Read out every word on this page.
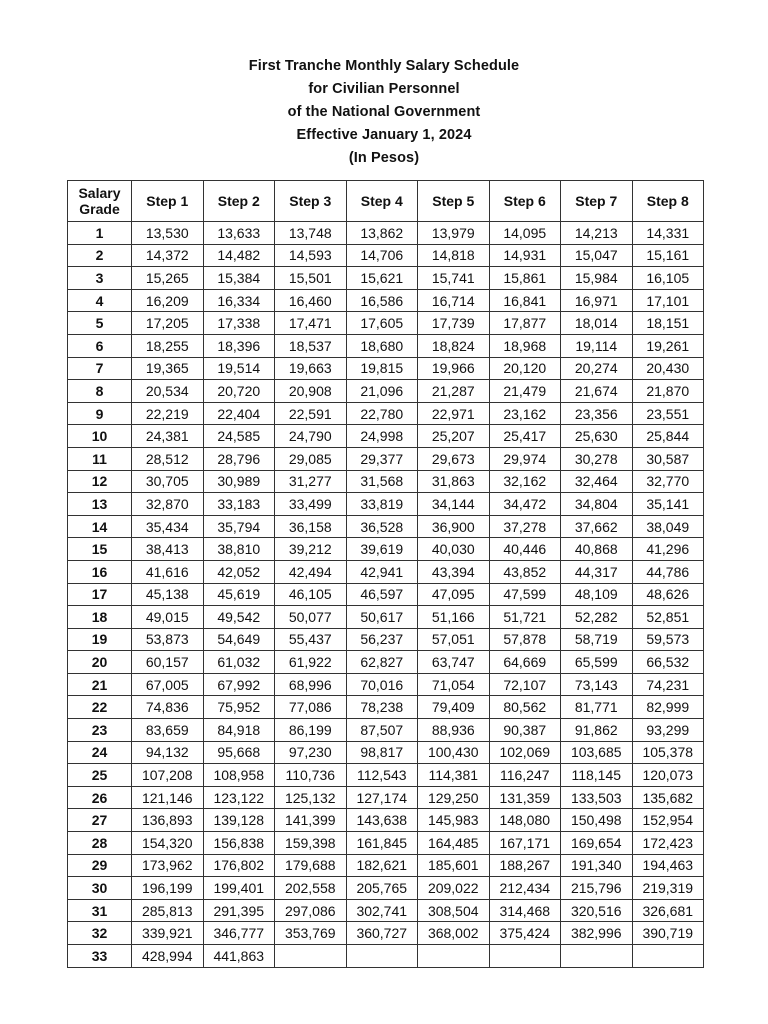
First Tranche Monthly Salary Schedule
for Civilian Personnel
of the National Government
Effective January 1, 2024
(In Pesos)
Salary
Grade	Step 1	Step 2	Step 3	Step 4	Step 5	Step 6	Step 7	Step 8
1	13,530	13,633	13,748	13,862	13,979	14,095	14,213	14,331
2	14,372	14,482	14,593	14,706	14,818	14,931	15,047	15,161
3	15,265	15,384	15,501	15,621	15,741	15,861	15,984	16,105
4	16,209	16,334	16,460	16,586	16,714	16,841	16,971	17,101
5	17,205	17,338	17,471	17,605	17,739	17,877	18,014	18,151
6	18,255	18,396	18,537	18,680	18,824	18,968	19,114	19,261
7	19,365	19,514	19,663	19,815	19,966	20,120	20,274	20,430
8	20,534	20,720	20,908	21,096	21,287	21,479	21,674	21,870
9	22,219	22,404	22,591	22,780	22,971	23,162	23,356	23,551
10	24,381	24,585	24,790	24,998	25,207	25,417	25,630	25,844
11	28,512	28,796	29,085	29,377	29,673	29,974	30,278	30,587
12	30,705	30,989	31,277	31,568	31,863	32,162	32,464	32,770
13	32,870	33,183	33,499	33,819	34,144	34,472	34,804	35,141
14	35,434	35,794	36,158	36,528	36,900	37,278	37,662	38,049
15	38,413	38,810	39,212	39,619	40,030	40,446	40,868	41,296
16	41,616	42,052	42,494	42,941	43,394	43,852	44,317	44,786
17	45,138	45,619	46,105	46,597	47,095	47,599	48,109	48,626
18	49,015	49,542	50,077	50,617	51,166	51,721	52,282	52,851
19	53,873	54,649	55,437	56,237	57,051	57,878	58,719	59,573
20	60,157	61,032	61,922	62,827	63,747	64,669	65,599	66,532
21	67,005	67,992	68,996	70,016	71,054	72,107	73,143	74,231
22	74,836	75,952	77,086	78,238	79,409	80,562	81,771	82,999
23	83,659	84,918	86,199	87,507	88,936	90,387	91,862	93,299
24	94,132	95,668	97,230	98,817	100,430	102,069	103,685	105,378
25	107,208	108,958	110,736	112,543	114,381	116,247	118,145	120,073
26	121,146	123,122	125,132	127,174	129,250	131,359	133,503	135,682
27	136,893	139,128	141,399	143,638	145,983	148,080	150,498	152,954
28	154,320	156,838	159,398	161,845	164,485	167,171	169,654	172,423
29	173,962	176,802	179,688	182,621	185,601	188,267	191,340	194,463
30	196,199	199,401	202,558	205,765	209,022	212,434	215,796	219,319
31	285,813	291,395	297,086	302,741	308,504	314,468	320,516	326,681
32	339,921	346,777	353,769	360,727	368,002	375,424	382,996	390,719
33	428,994	441,863						
